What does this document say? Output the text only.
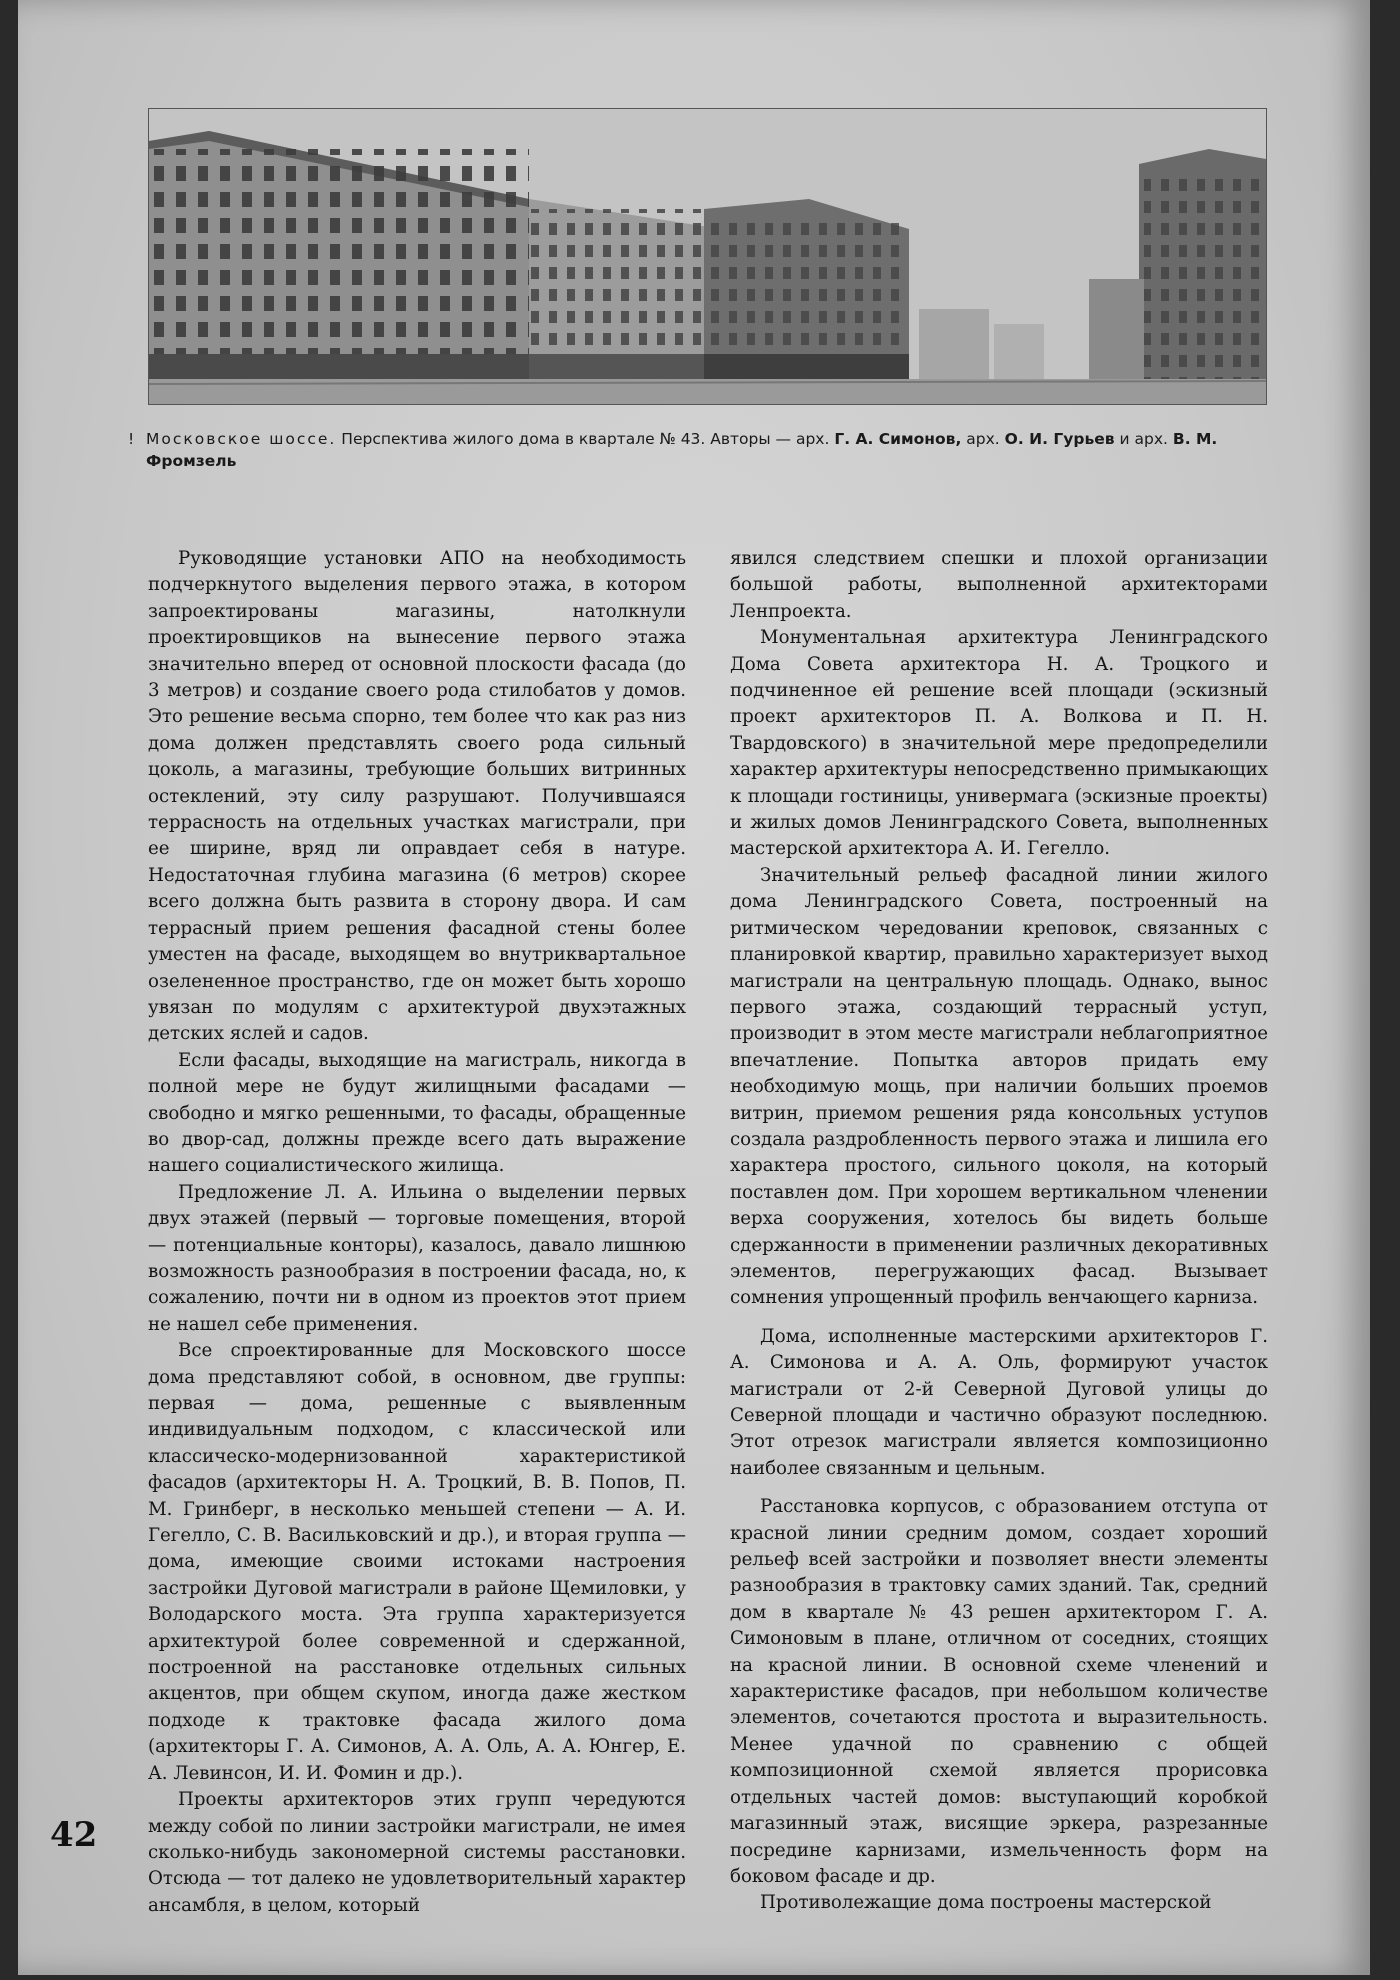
! Московское шоссе. Перспектива жилого дома в квартале № 43. Авторы — арх. Г. А. Симонов, арх. О. И. Гурьев и арх. В. М. Фромзель

Руководящие установки АПО на необходимость подчеркнутого выделения первого этажа, в котором запроектированы магазины, натолкнули проектировщиков на вынесение первого этажа значительно вперед от основной плоскости фасада (до 3 метров) и создание своего рода стилобатов у домов. Это решение весьма спорно, тем более что как раз низ дома должен представлять своего рода сильный цоколь, а магазины, требующие больших витринных остеклений, эту силу разрушают. Получившаяся террасность на отдельных участках магистрали, при ее ширине, вряд ли оправдает себя в натуре. Недостаточная глубина магазина (6 метров) скорее всего должна быть развита в сторону двора. И сам террасный прием решения фасадной стены более уместен на фасаде, выходящем во внутриквартальное озелененное пространство, где он может быть хорошо увязан по модулям с архитектурой двухэтажных детских яслей и садов.

Если фасады, выходящие на магистраль, никогда в полной мере не будут жилищными фасадами — свободно и мягко решенными, то фасады, обращенные во двор-сад, должны прежде всего дать выражение нашего социалистического жилища.

Предложение Л. А. Ильина о выделении первых двух этажей (первый — торговые помещения, второй — потенциальные конторы), казалось, давало лишнюю возможность разнообразия в построении фасада, но, к сожалению, почти ни в одном из проектов этот прием не нашел себе применения.

Все спроектированные для Московского шоссе дома представляют собой, в основном, две группы: первая — дома, решенные с выявленным индивидуальным подходом, с классической или классическо-модернизованной характеристикой фасадов (архитекторы Н. А. Троцкий, В. В. Попов, П. М. Гринберг, в несколько меньшей степени — А. И. Гегелло, С. В. Васильковский и др.), и вторая группа — дома, имеющие своими истоками настроения застройки Дуговой магистрали в районе Щемиловки, у Володарского моста. Эта группа характеризуется архитектурой более современной и сдержанной, построенной на расстановке отдельных сильных акцентов, при общем скупом, иногда даже жестком подходе к трактовке фасада жилого дома (архитекторы Г. А. Симонов, А. А. Оль, А. А. Юнгер, Е. А. Левинсон, И. И. Фомин и др.).

Проекты архитекторов этих групп чередуются между собой по линии застройки магистрали, не имея сколько-нибудь закономерной системы расстановки. Отсюда — тот далеко не удовлетворительный характер ансамбля, в целом, который

явился следствием спешки и плохой организации большой работы, выполненной архитекторами Ленпроекта.

Монументальная архитектура Ленинградского Дома Совета архитектора Н. А. Троцкого и подчиненное ей решение всей площади (эскизный проект архитекторов П. А. Волкова и П. Н. Твардовского) в значительной мере предопределили характер архитектуры непосредственно примыкающих к площади гостиницы, универмага (эскизные проекты) и жилых домов Ленинградского Совета, выполненных мастерской архитектора А. И. Гегелло.

Значительный рельеф фасадной линии жилого дома Ленинградского Совета, построенный на ритмическом чередовании креповок, связанных с планировкой квартир, правильно характеризует выход магистрали на центральную площадь. Однако, вынос первого этажа, создающий террасный уступ, производит в этом месте магистрали неблагоприятное впечатление. Попытка авторов придать ему необходимую мощь, при наличии больших проемов витрин, приемом решения ряда консольных уступов создала раздробленность первого этажа и лишила его характера простого, сильного цоколя, на который поставлен дом. При хорошем вертикальном членении верха сооружения, хотелось бы видеть больше сдержанности в применении различных декоративных элементов, перегружающих фасад. Вызывает сомнения упрощенный профиль венчающего карниза.

Дома, исполненные мастерскими архитекторов Г. А. Симонова и А. А. Оль, формируют участок магистрали от 2-й Северной Дуговой улицы до Северной площади и частично образуют последнюю. Этот отрезок магистрали является композиционно наиболее связанным и цельным.

Расстановка корпусов, с образованием отступа от красной линии средним домом, создает хороший рельеф всей застройки и позволяет внести элементы разнообразия в трактовку самих зданий. Так, средний дом в квартале № 43 решен архитектором Г. А. Симоновым в плане, отличном от соседних, стоящих на красной линии. В основной схеме членений и характеристике фасадов, при небольшом количестве элементов, сочетаются простота и выразительность. Менее удачной по сравнению с общей композиционной схемой является прорисовка отдельных частей домов: выступающий коробкой магазинный этаж, висящие эркера, разрезанные посредине карнизами, измельченность форм на боковом фасаде и др.

Противолежащие дома построены мастерской

42
